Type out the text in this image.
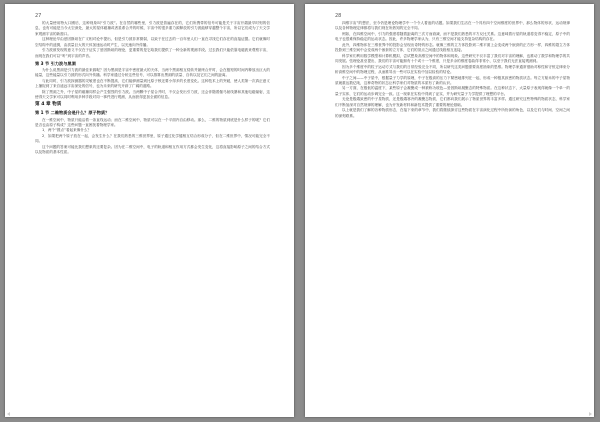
27

的大量使用特大口圈后，这种现象叫“引力波”。在自然的哪些里，引力波是普遍存在的，它们所携带的信号可能是关于宇宙开端最早时刻的信息，也有可能是当今太空深处，最大的星体碰撞或者星系合并的时候，宇宙中的很多重力源释放的引力波能够穿越整个宇宙，所以它们成为了天文学家观测宇宙的新窗口。

这种理论早由爱因斯坦在广义相对论中提出，但是引力波非常微弱，以致于在过去的一百年里人们一直在寻找它们存在的直接证据。它们就像时空结构中的涟漪，由质量巨大的天体加速运动时产生，以光速向外传播。

引力波被发现的意义不仅在于证实了爱因斯坦的理论，更重要的是它给我们提供了一种全新的观测手段。过去我们只能依靠电磁波来观察宇宙，而现在我们可以“听”到宇宙的声音。

第 3 节 引力波与黑洞

为什么说黑洞是引力波的最佳来源呢？因为黑洞是宇宙中密度最大的天体，当两个黑洞相互绕转并最终合并时，会在极短的时间内释放出巨大的能量，这些能量以引力波的形式向外传播。科学家通过分析这些信号，可以推算出黑洞的质量、自转以及它们之间的距离。

与此同时，引力波探测器的灵敏度也在不断提高，它们能够测量到比原子核还要小得多的长度变化。这种技术上的突破，使人类第一次真正意义上捕捉到了来自遥远宇宙深处的信号，也为未来的研究开辟了广阔的道路。

除了黑洞之外，中子星的碰撞同样会产生强烈的引力波。当两颗中子星合并时，不仅会发出引力波，还会伴随着伽马射线暴和其他电磁辐射，这使得天文学家可以同时利用多种手段对同一事件进行观测，从而获得更加全面的信息。

第 4 章 物质
第 1 节 二维物质会是什么？原子物质？

在一维空间中，物质只能沿着一条直线运动；而在二维空间中，物质可以在一个平面内自由移动。那么，二维的物质到底是什么样子的呢？它们是否也由原子构成？这些问题一直困扰着物理学家。

1．两个“圆点”看起来像什么？

2．如果把两个原子放在一起，会发生什么？在我们熟悉的三维世界里，原子通过化学键相互结合形成分子，但在二维世界中，情况可能完全不同。

这个问题的答案可能比我们想象的还要复杂。因为在二维空间中，电子的轨道和相互作用方式都会发生变化，这将直接影响原子之间的结合方式以及物质的基本性质。

28

四维宇宙”的想法，至今仍是理论物理学中一个令人着迷的话题。如果我们生活在一个具有四个空间维度的世界中，那么物体的形状、运动规律以及各种物理定律都将与我们现在所熟知的完全不同。

例如，在四维空间中，引力的强度将随着距离的三次方而衰减，而不是我们熟悉的平方反比关系。这意味着行星的轨道将变得不稳定，原子中的电子也很难保持稳定的运动状态。因此，许多物理学家认为，只有三维空间才能支持复杂结构的存在。

此外，四维物体在三维世界中的投影会呈现出奇特的形态。就像三维的立方体投影到二维平面上会变成两个嵌套的正方形一样，四维的超立方体投影到三维空间中会变成两个嵌套的立方体，它们的顶点之间通过线段相互连接。

科学家们利用数学模型和计算机模拟，尝试想象高维空间中的物体和现象。这些研究不仅丰富了我们对宇宙的理解，也推动了数学和物理学的共同发展。弦理论甚至提出，我们的宇宙可能拥有十个或十一个维度，只是多余的维度卷曲得非常小，以至于我们无法直接观测到。

因为多个维度中的粒子运动方式与我们的日常经验完全不同，所以研究这类问题需要高度抽象的思维。物理学家通常借助对称性和守恒定律来分析高维空间中的物理过程，从而推导出一些可以在实验中加以检验的结论。

中子之间——中子星中，根据量子力学的原理，中子在极高的压力下紧密地排列在一起，形成一种极其致密的物质状态。每立方厘米的中子星物质就重达数亿吨，这种奇特的状态让科学家们对物质的本质有了新的认识。

另一方面，在极低的温度下，某些原子会凝聚成一种被称为玻色—爱因斯坦凝聚态的特殊物质。在这种状态下，大量原子表现得就像一个单一的量子实体，它们的运动步调完全一致。这一现象在实验中得到了证实，并为研究量子力学提供了理想的平台。

无论是极端致密的中子星物质，还是极端寒冷的凝聚态物质，它们都向我们展示了物质世界的丰富多样。通过研究这些特殊的物质状态，科学家们不断加深对自然规律的理解，也为开发新材料和新技术提供了重要的理论基础。

以上就是我们了解的各种物质形态，在接下来的章节中，我们将继续探讨这些物质在宇宙演化过程中所扮演的角色，以及它们与时间、空间之间的深刻联系。
